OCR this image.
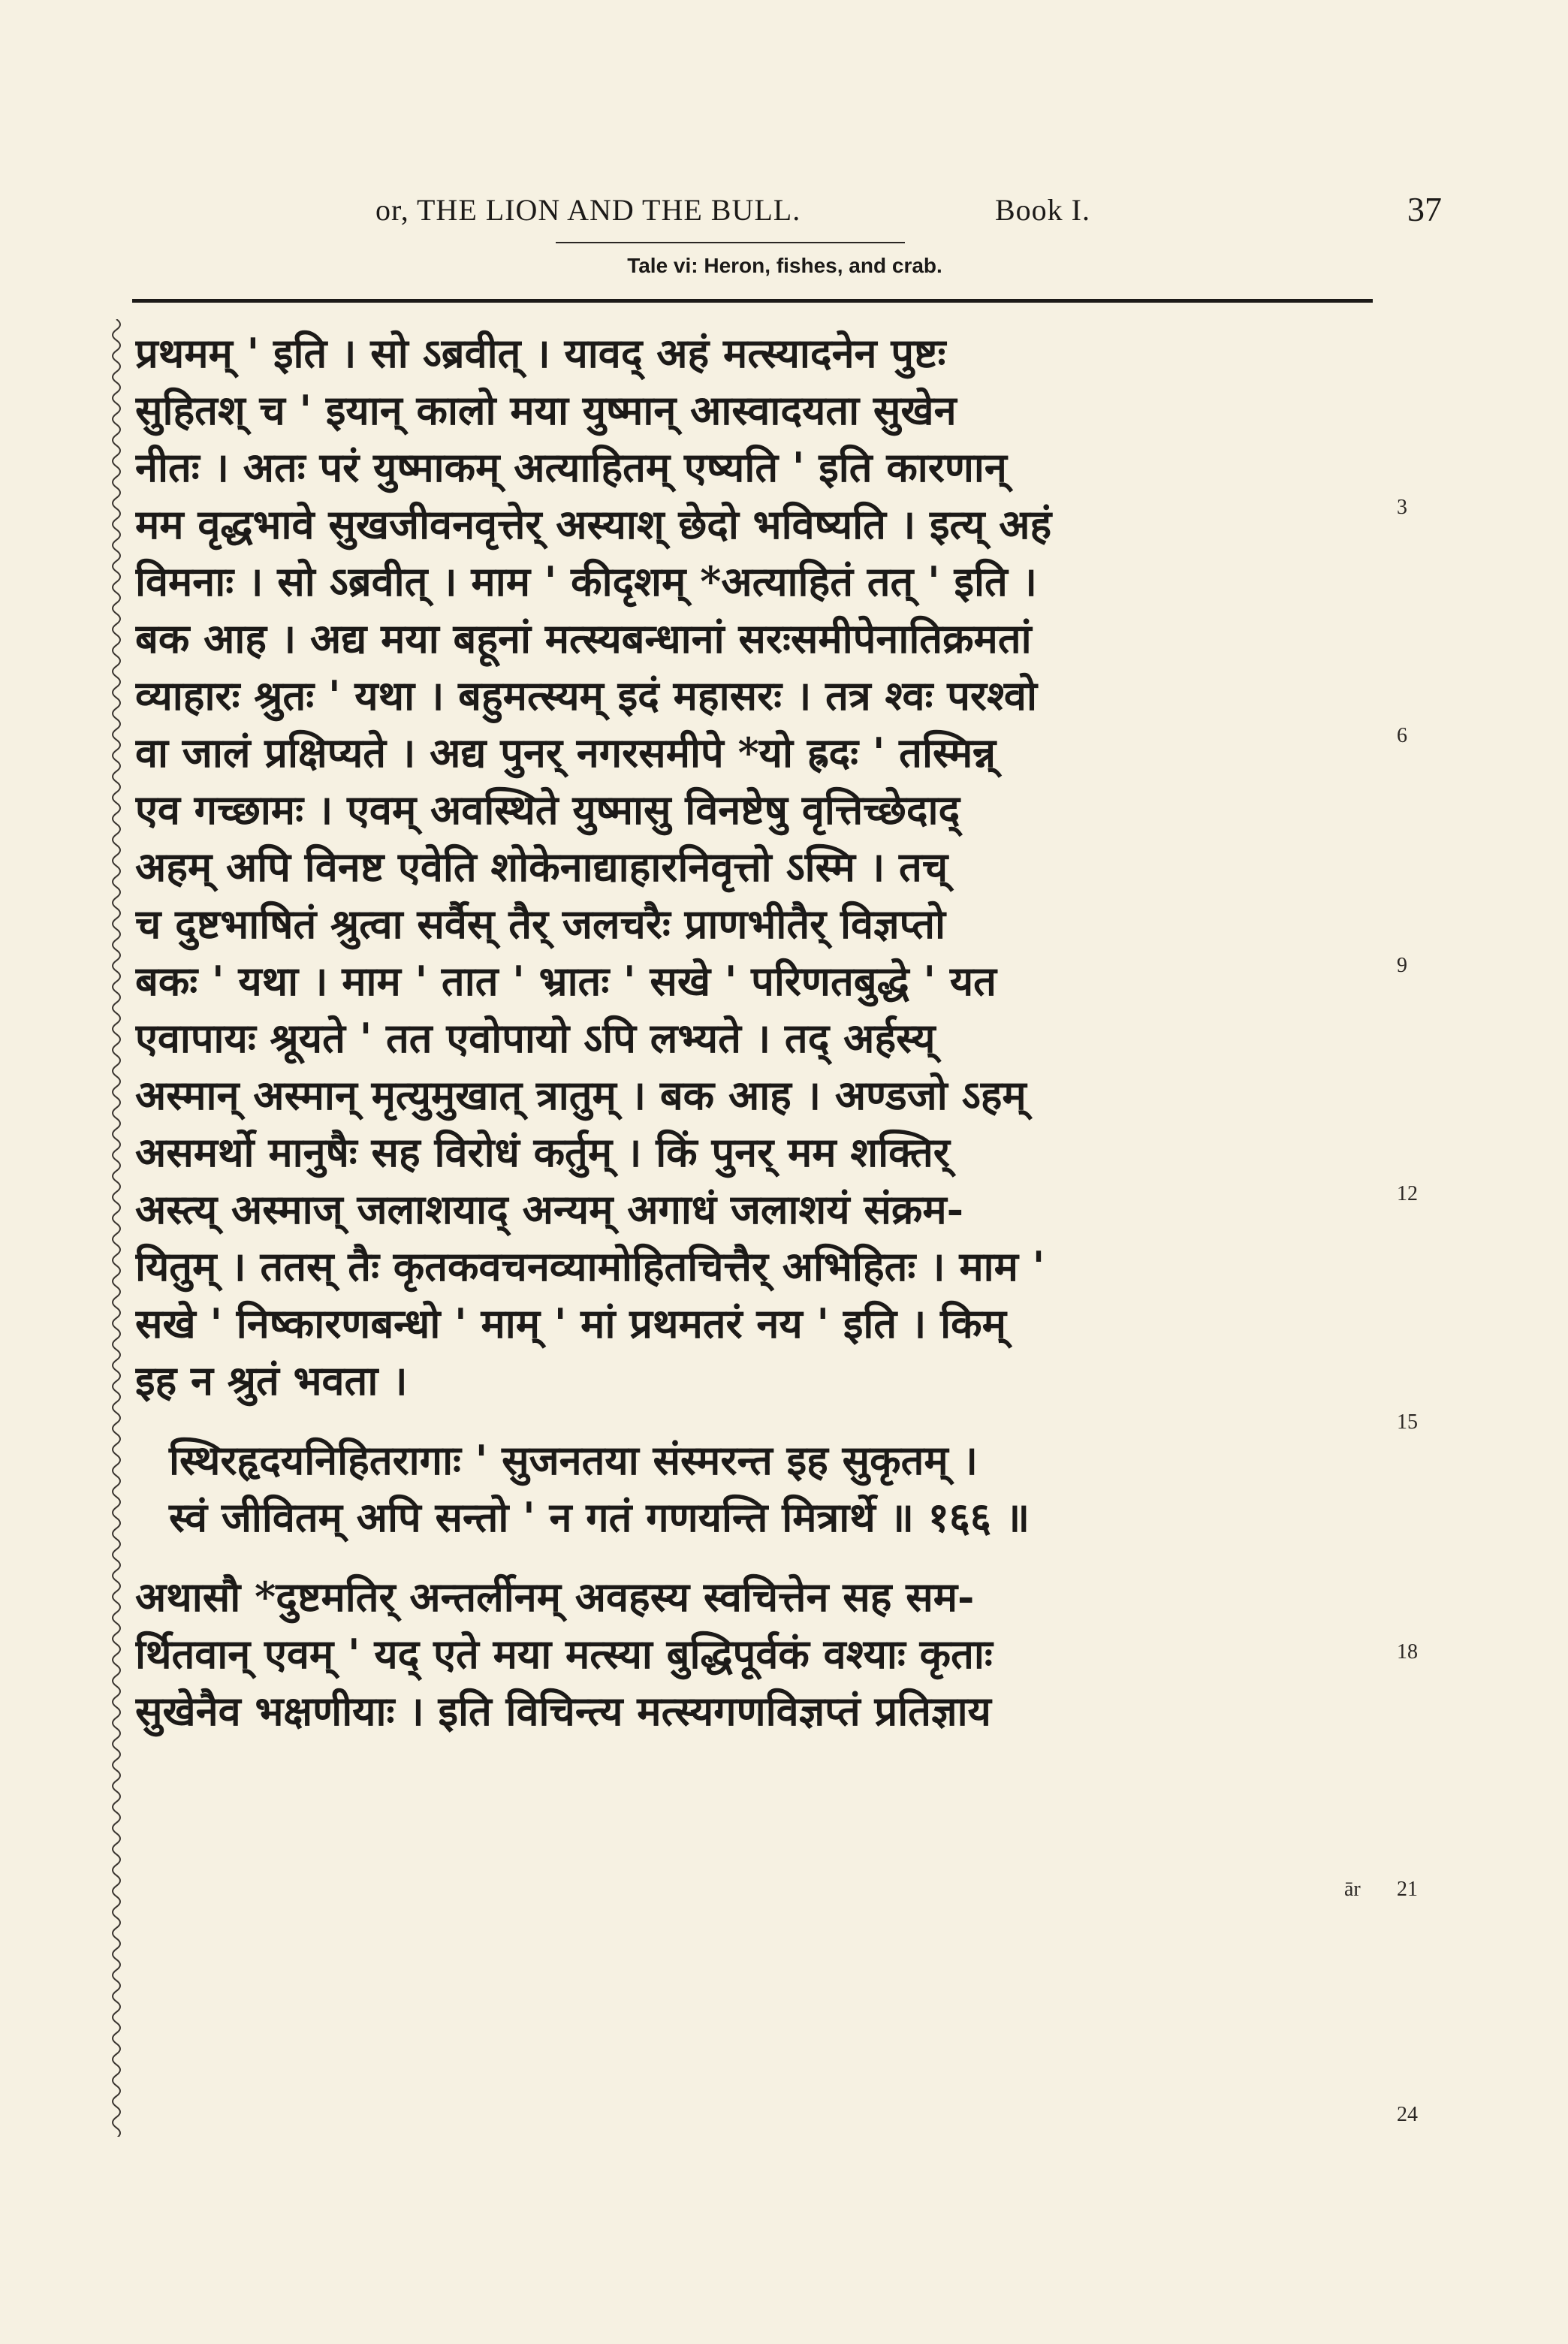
or, THE LION AND THE BULL.	Book I.	37
Tale vi: Heron, fishes, and crab.
प्रथमम् ' इति । सो ऽब्रवीत् । यावद् अहं मत्स्यादनेन पुष्टः
सुहितश् च ' इयान् कालो मया युष्मान् आस्वादयता सुखेन
नीतः । अतः परं युष्माकम् अत्याहितम् एष्यति ' इति कारणान्
मम वृद्धभावे सुखजीवनवृत्तेर् अस्याश् छेदो भविष्यति । इत्य् अहं
विमनाः । सो ऽब्रवीत् । माम ' कीदृशम् *अत्याहितं तत् ' इति ।
बक आह । अद्य मया बहूनां मत्स्यबन्धानां सरःसमीपेनातिक्रमतां
व्याहारः श्रुतः ' यथा । बहुमत्स्यम् इदं महासरः । तत्र श्वः परश्वो
वा जालं प्रक्षिप्यते । अद्य पुनर् नगरसमीपे *यो ह्रदः ' तस्मिन्न्
एव गच्छामः । एवम् अवस्थिते युष्मासु विनष्टेषु वृत्तिच्छेदाद्
अहम् अपि विनष्ट एवेति शोकेनाद्याहारनिवृत्तो ऽस्मि । तच्
च दुष्टभाषितं श्रुत्वा सर्वैस् तैर् जलचरैः प्राणभीतैर् विज्ञप्तो
बकः ' यथा । माम ' तात ' भ्रातः ' सखे ' परिणतबुद्धे ' यत
एवापायः श्रूयते ' तत एवोपायो ऽपि लभ्यते । तद् अर्हस्य्
अस्मान् अस्मान् मृत्युमुखात् त्रातुम् । बक आह । अण्डजो ऽहम्
असमर्थो मानुषैः सह विरोधं कर्तुम् । किं पुनर् मम शक्तिर्
अस्त्य् अस्माज् जलाशयाद् अन्यम् अगाधं जलाशयं संक्रम-
यितुम् । ततस् तैः कृतकवचनव्यामोहितचित्तैर् अभिहितः । माम '
सखे ' निष्कारणबन्धो ' माम् ' मां प्रथमतरं नय ' इति । किम्
इह न श्रुतं भवता ।
स्थिरहृदयनिहितरागाः ' सुजनतया संस्मरन्त इह सुकृतम् ।
स्वं जीवितम् अपि सन्तो ' न गतं गणयन्ति मित्रार्थे ॥ १६६ ॥
अथासौ *दुष्टमतिर् अन्तर्लीनम् अवहस्य स्वचित्तेन सह सम-
र्थितवान् एवम् ' यद् एते मया मत्स्या बुद्धिपूर्वकं वश्याः कृताः
सुखेनैव भक्षणीयाः । इति विचिन्त्य मत्स्यगणविज्ञप्तं प्रतिज्ञाय
3
6
9
12
15
18
21
24
ār
